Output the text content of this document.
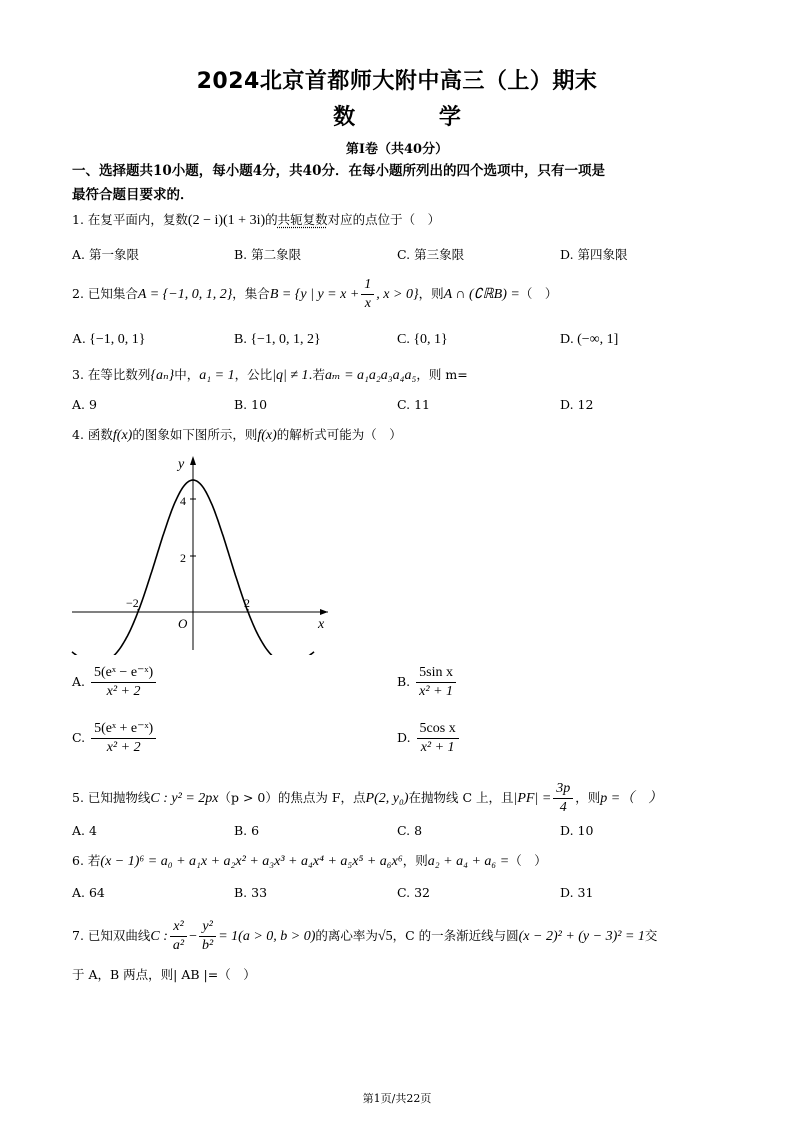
2024北京首都师大附中高三（上）期末
数 学
第I卷（共40分）
一、选择题共10小题，每小题4分，共40分．在每小题所列出的四个选项中，只有一项是
最符合题目要求的．
1. 在复平面内，复数(2 − i)(1 + 3i)的共轭复数对应的点位于（　）
A. 第一象限	B. 第二象限	C. 第三象限	D. 第四象限
2. 已知集合A = {−1, 0, 1, 2}，集合B = {y | $y = x + \frac{1}{x}$ , x > 0}，则A ∩ (∁ℝB) =（　）
A. {−1, 0, 1}	B. {−1, 0, 1, 2}	C. {0, 1}	D. (−∞, 1]
3. 在等比数列{aₙ}中，a₁ = 1，公比|q| ≠ 1.若aₘ = a₁a₂a₃a₄a₅，则 m=
A. 9	B. 10	C. 11	D. 12
4. 函数f(x)的图象如下图所示，则f(x)的解析式可能为（　）
y
x
O
4
2
−2	2
A. $\frac{\text{5(eˣ − e⁻ˣ)}}{\text{x² + 2}}$	B. $\frac{\text{5sin x}}{\text{x² + 1}}$
C. $\frac{\text{5(eˣ + e⁻ˣ)}}{\text{x² + 2}}$	D. $\frac{\text{5cos x}}{\text{x² + 1}}$
5. 已知抛物线C : y² = 2px（p > 0）的焦点为 F，点P(2, y₀)在抛物线 C 上，且$|PF| = \frac{3p}{4}$ ，则p =（　）
A. 4	B. 6	C. 8	D. 10
6. 若(x − 1)⁶ = a₀ + a₁x + a₂x² + a₃x³ + a₄x⁴ + a₅x⁵ + a₆x⁶，则a₂ + a₄ + a₆ =（　）
A. 64	B. 33	C. 32	D. 31
7. 已知双曲线C : $\frac{\text{x²}}{\text{a²}} - \frac{\text{y²}}{\text{b²}} = 1(a > 0$, b > 0)的离心率为√5，C 的一条渐近线与圆(x − 2)² + (y − 3)² = 1交
于 A，B 两点，则| AB |=（　）
第1页/共22页
